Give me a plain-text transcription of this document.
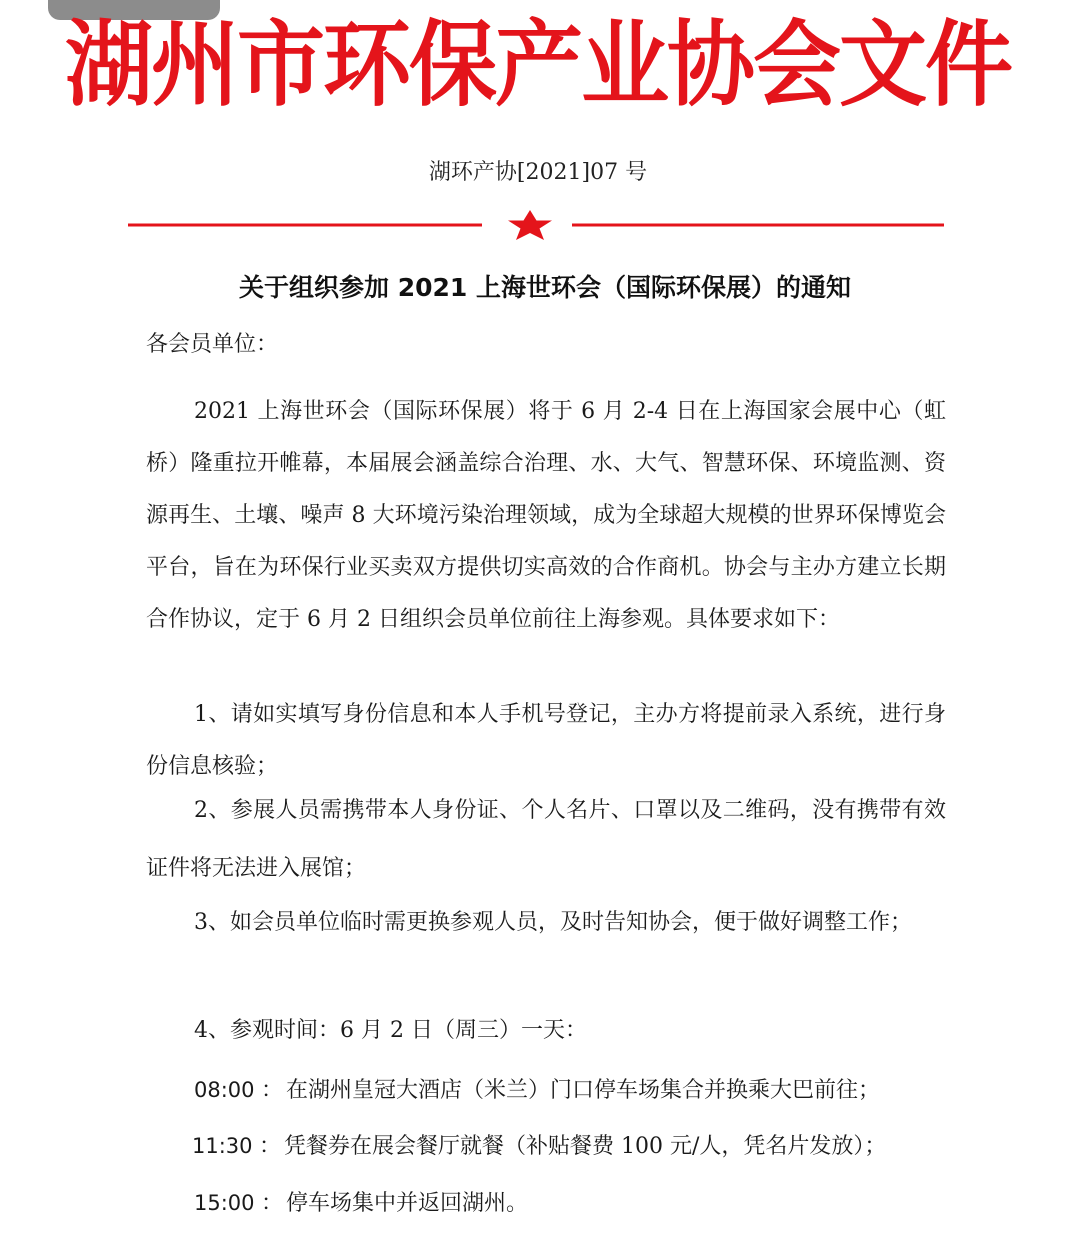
湖州市环保产业协会文件
湖环产协[2021]07 号
关于组织参加 2021 上海世环会（国际环保展）的通知
各会员单位：
2021 上海世环会（国际环保展）将于 6 月 2-4 日在上海国家会展中心（虹桥）隆重拉开帷幕，本届展会涵盖综合治理、水、大气、智慧环保、环境监测、资源再生、土壤、噪声 8 大环境污染治理领域，成为全球超大规模的世界环保博览会平台，旨在为环保行业买卖双方提供切实高效的合作商机。协会与主办方建立长期合作协议，定于 6 月 2 日组织会员单位前往上海参观。具体要求如下：
1、请如实填写身份信息和本人手机号登记，主办方将提前录入系统，进行身份信息核验；
2、参展人员需携带本人身份证、个人名片、口罩以及二维码，没有携带有效证件将无法进入展馆；
3、如会员单位临时需更换参观人员，及时告知协会，便于做好调整工作；
4、参观时间：6 月 2 日（周三）一天：
08:00 ： 在湖州皇冠大酒店（米兰）门口停车场集合并换乘大巴前往；
11:30 ： 凭餐券在展会餐厅就餐（补贴餐费 100 元/人，凭名片发放）；
15:00 ： 停车场集中并返回湖州。
